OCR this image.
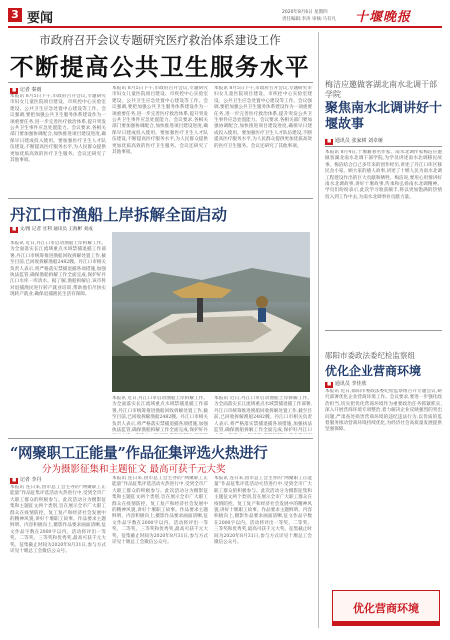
3 要闻	2020年8月6日 星期四
责任编辑:李涛 审核:马有凡 十堰晚报
市政府召开会议专题研究医疗救治体系建设工作
不断提高公共卫生服务水平
■ 记者 秦雨
本报讯 8月5日下午,市政府召开会议,专题研究市妇女儿童医院项目建设、市疾控中心实验室建设、公共卫生应急处置中心建设等工作。会议强调,要把加强公共卫生服务体系建设作为一项重要任务,进一步完善医疗救治体系,提升突发公共卫生事件应急处置能力。会议要求,各相关部门要加强协调配合,加快推进项目建设进度,确保早日建成投入使用。要加强医疗卫生人才队伍建设,不断提高医疗服务水平,为人民群众提供更加优质高效的医疗卫生服务。会议还研究了其他事项。
本报讯 8月5日下午,市政府召开会议,专题研究市妇女儿童医院项目建设、市疾控中心实验室建设、公共卫生应急处置中心建设等工作。会议强调,要把加强公共卫生服务体系建设作为一项重要任务,进一步完善医疗救治体系,提升突发公共卫生事件应急处置能力。会议要求,各相关部门要加强协调配合,加快推进项目建设进度,确保早日建成投入使用。要加强医疗卫生人才队伍建设,不断提高医疗服务水平,为人民群众提供更加优质高效的医疗卫生服务。会议还研究了其他事项。
本报讯 8月5日下午,市政府召开会议,专题研究市妇女儿童医院项目建设、市疾控中心实验室建设、公共卫生应急处置中心建设等工作。会议强调,要把加强公共卫生服务体系建设作为一项重要任务,进一步完善医疗救治体系,提升突发公共卫生事件应急处置能力。会议要求,各相关部门要加强协调配合,加快推进项目建设进度,确保早日建成投入使用。要加强医疗卫生人才队伍建设,不断提高医疗服务水平,为人民群众提供更加优质高效的医疗卫生服务。会议还研究了其他事项。
梅洁应邀做客湖北南水北调干部学院
聚焦南水北调讲好十堰故事
■ 通讯员 张家树 刘卓娅
本报讯 8月4日,十堰籍著名作家、南水北调作家梅洁应邀做客湖北南水北调干部学院,为学员讲述南水北调移民故事。梅洁结合自己多年来的创作经历,讲述了丹江口库区移民舍小家、顾大家的感人故事,讲述了十堰人民为南水北调工程建设作出的巨大贡献和牺牲。梅洁说,要用心用情讲好南水北调故事,讲好十堰故事,传承和弘扬南水北调精神。学员们纷纷表示,此次学习收获颇丰,将以更加饱满的热情投入到工作中去,为南水北调事业贡献力量。
丹江口市渔船上岸拆解全面启动
■ 文/图 记者 甘利 通讯员 王海彬 刘成
本报讯 近日,丹江口市启动渔船上岸拆解工作。为全面落实长江流域重点水域禁捕退捕工作部署,丹江口市统筹推进渔船回收拆解处置工作,截至目前,已回收拆解渔船2482艘。丹江口市相关负责人表示,将严格落实禁捕退捕各项措施,加强执法监管,确保渔船拆解工作全面完成,保护好丹江口水库一库清水。据了解,渔船拆解后,该市将对退捕渔民进行转产就业培训,帮助他们尽快实现转产就业,确保退捕渔民生活有保障。
本报讯 近日,丹江口市启动渔船上岸拆解工作。为全面落实长江流域重点水域禁捕退捕工作部署,丹江口市统筹推进渔船回收拆解处置工作,截至目前,已回收拆解渔船2482艘。丹江口市相关负责人表示,将严格落实禁捕退捕各项措施,加强执法监管,确保渔船拆解工作全面完成,保护好丹
本报讯 近日,丹江口市启动渔船上岸拆解工作。为全面落实长江流域重点水域禁捕退捕工作部署,丹江口市统筹推进渔船回收拆解处置工作,截至目前,已回收拆解渔船2482艘。丹江口市相关负责人表示,将严格落实禁捕退捕各项措施,加强执法监管,确保渔船拆解工作全面完成,保护好丹江口
“网聚职工正能量”作品征集评选火热进行
分为摄影征集和主题征文 最高可获千元大奖
■ 记者 李丹
本报讯 连日来,由市总工会主办的“网聚职工正能量”作品征集评选活动火热进行中,受到全市广大职工群众的积极参与。此次活动分为摄影征集和主题征文两个类别,旨在展示全市广大职工群众在疫情防控、复工复产和经济社会发展中的精神风貌,讲好十堰职工故事。作品要求主题鲜明、内容积极向上,摄影作品要求画面清晰,征文作品字数在2000字以内。活动将评出一等奖、二等奖、三等奖和优秀奖,最高可获千元大奖。征集截止时间为2020年8月31日,参与方式详见十堰总工会微信公众号。
本报讯 连日来,由市总工会主办的“网聚职工正能量”作品征集评选活动火热进行中,受到全市广大职工群众的积极参与。此次活动分为摄影征集和主题征文两个类别,旨在展示全市广大职工群众在疫情防控、复工复产和经济社会发展中的精神风貌,讲好十堰职工故事。作品要求主题鲜明、内容积极向上,摄影作品要求画面清晰,征文作品字数在2000字以内。活动将评出一等奖、二等奖、三等奖和优秀奖,最高可获千元大奖。征集截止时间为2020年8月31日,参与方式详见十堰总工会微信公众号。
本报讯 连日来,由市总工会主办的“网聚职工正能量”作品征集评选活动火热进行中,受到全市广大职工群众的积极参与。此次活动分为摄影征集和主题征文两个类别,旨在展示全市广大职工群众在疫情防控、复工复产和经济社会发展中的精神风貌,讲好十堰职工故事。作品要求主题鲜明、内容积极向上,摄影作品要求画面清晰,征文作品字数在2000字以内。活动将评出一等奖、二等奖、三等奖和优秀奖,最高可获千元大奖。征集截止时间为2020年8月31日,参与方式详见十堰总工会微信公众号。
郧阳市委政法委纪检监察组
优化企业营商环境
■ 通讯员 李佳欣
本报讯 近日,郧阳市委政法委纪检监察组召开专题会议,研究部署优化企业营商环境工作。会议要求,要进一步强化政治担当,切实把优化营商环境作为重要政治任务抓紧抓实,深入开展营商环境专项整治,着力解决企业反映强烈的突出问题,严肃查处损害营商环境的违纪违法行为,以优质的监督服务推动营商环境持续优化,为经济社会高质量发展提供坚强保障。
优化营商环境
